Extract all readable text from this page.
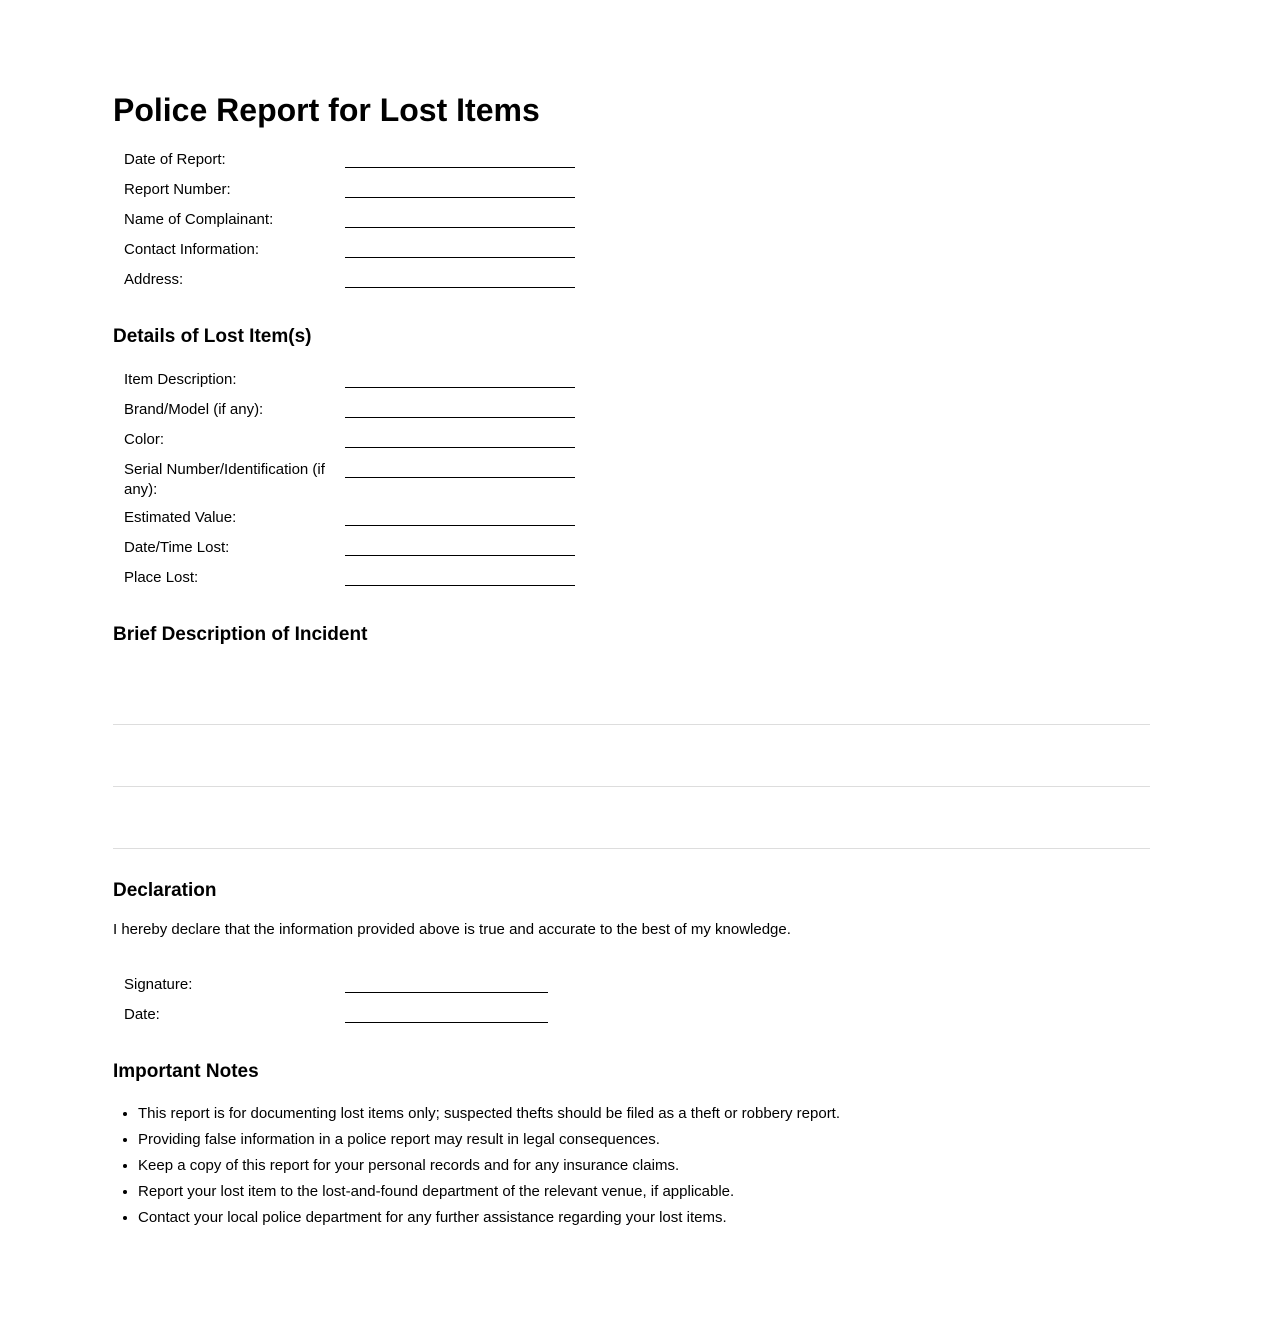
Police Report for Lost Items
Date of Report:
Report Number:
Name of Complainant:
Contact Information:
Address:
Details of Lost Item(s)
Item Description:
Brand/Model (if any):
Color:
Serial Number/Identification (if any):
Estimated Value:
Date/Time Lost:
Place Lost:
Brief Description of Incident
Declaration

I hereby declare that the information provided above is true and accurate to the best of my knowledge.

Signature:
Date:
Important Notes
• This report is for documenting lost items only; suspected thefts should be filed as a theft or robbery report.
• Providing false information in a police report may result in legal consequences.
• Keep a copy of this report for your personal records and for any insurance claims.
• Report your lost item to the lost-and-found department of the relevant venue, if applicable.
• Contact your local police department for any further assistance regarding your lost items.
